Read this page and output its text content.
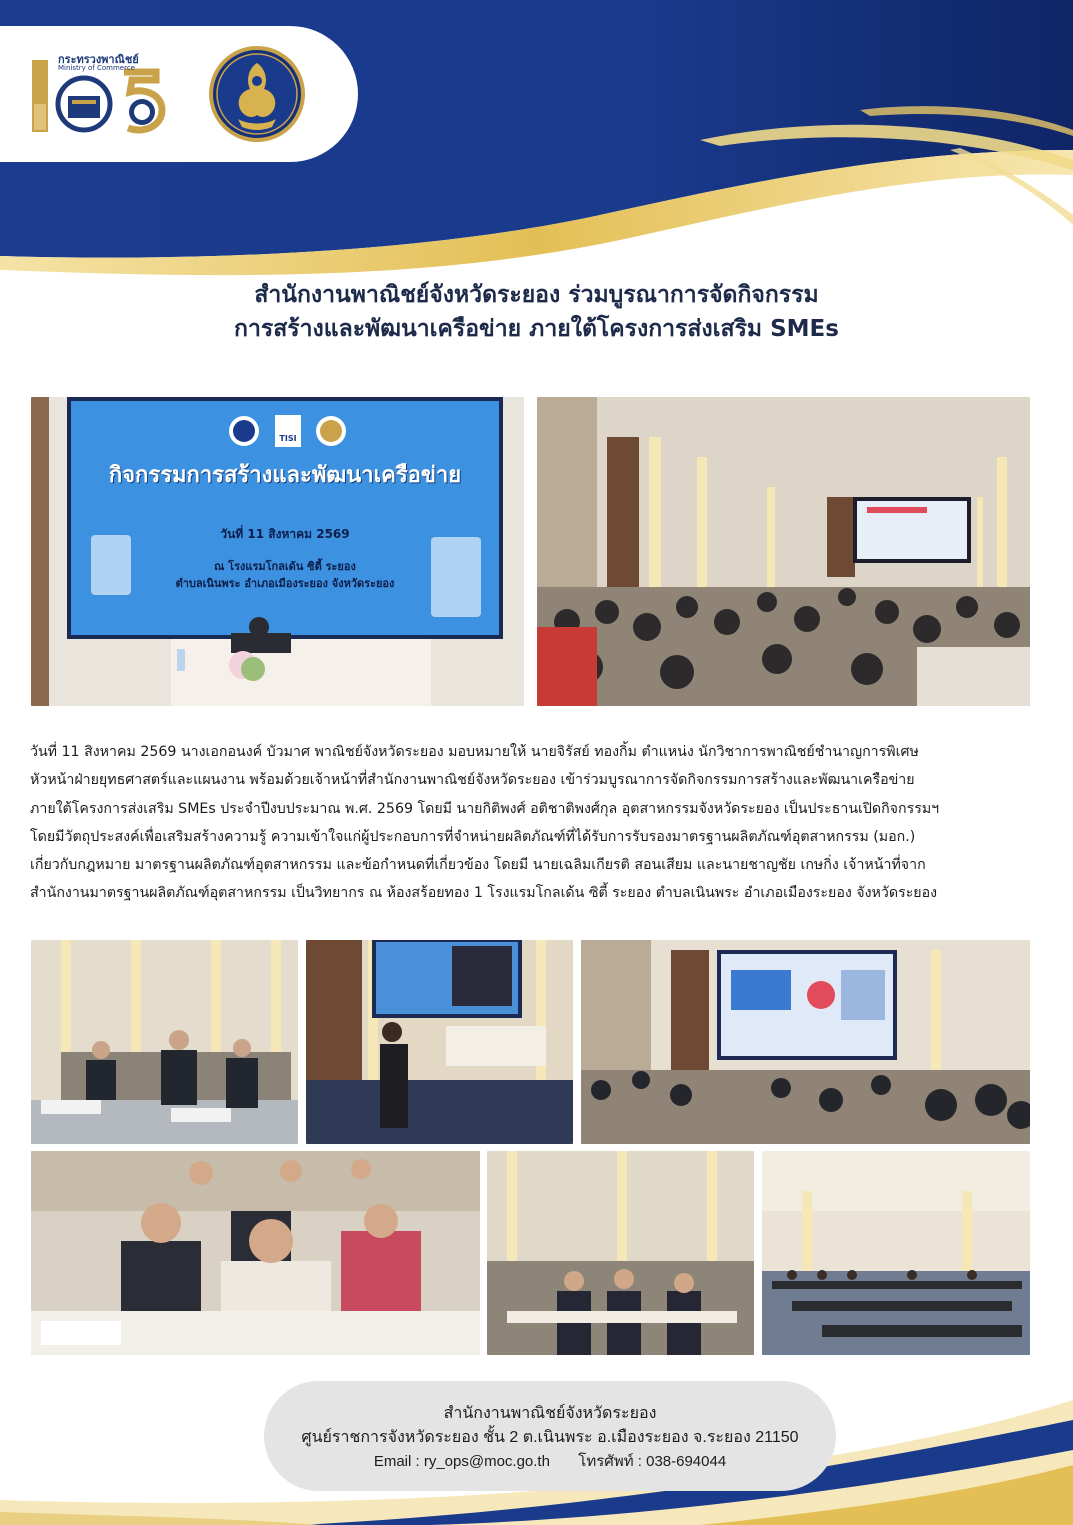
กระทรวงพาณิชย์
Ministry of Commerce
สำนักงานพาณิชย์จังหวัดระยอง ร่วมบูรณาการจัดกิจกรรม
การสร้างและพัฒนาเครือข่าย ภายใต้โครงการส่งเสริม SMEs
กิจกรรมการสร้างและพัฒนาเครือข่าย
TISI
วันที่ 11 สิงหาคม 2569
ณ โรงแรมโกลเด้น ซิตี้ ระยอง
ตำบลเนินพระ อำเภอเมืองระยอง จังหวัดระยอง
วันที่ 11 สิงหาคม 2569 นางเอกอนงค์ บัวมาศ พาณิชย์จังหวัดระยอง มอบหมายให้ นายจิรัสย์ ทองกิ้ม ตำแหน่ง นักวิชาการพาณิชย์ชำนาญการพิเศษ
หัวหน้าฝ่ายยุทธศาสตร์และแผนงาน พร้อมด้วยเจ้าหน้าที่สำนักงานพาณิชย์จังหวัดระยอง เข้าร่วมบูรณาการจัดกิจกรรมการสร้างและพัฒนาเครือข่าย
ภายใต้โครงการส่งเสริม SMEs ประจำปีงบประมาณ พ.ศ. 2569 โดยมี นายกิติพงศ์ อติชาติพงศ์กุล อุตสาหกรรมจังหวัดระยอง เป็นประธานเปิดกิจกรรมฯ
โดยมีวัตถุประสงค์เพื่อเสริมสร้างความรู้ ความเข้าใจแก่ผู้ประกอบการที่จำหน่ายผลิตภัณฑ์ที่ได้รับการรับรองมาตรฐานผลิตภัณฑ์อุตสาหกรรม (มอก.)
เกี่ยวกับกฎหมาย มาตรฐานผลิตภัณฑ์อุตสาหกรรม และข้อกำหนดที่เกี่ยวข้อง โดยมี นายเฉลิมเกียรติ สอนเสียม และนายชาญชัย เกษกิ่ง เจ้าหน้าที่จาก
สำนักงานมาตรฐานผลิตภัณฑ์อุตสาหกรรม เป็นวิทยากร ณ ห้องสร้อยทอง 1 โรงแรมโกลเด้น ซิตี้ ระยอง ตำบลเนินพระ อำเภอเมืองระยอง จังหวัดระยอง
สำนักงานพาณิชย์จังหวัดระยอง
ศูนย์ราชการจังหวัดระยอง ชั้น 2 ต.เนินพระ อ.เมืองระยอง จ.ระยอง 21150
Email : ry_ops@moc.go.th โทรศัพท์ : 038-694044
